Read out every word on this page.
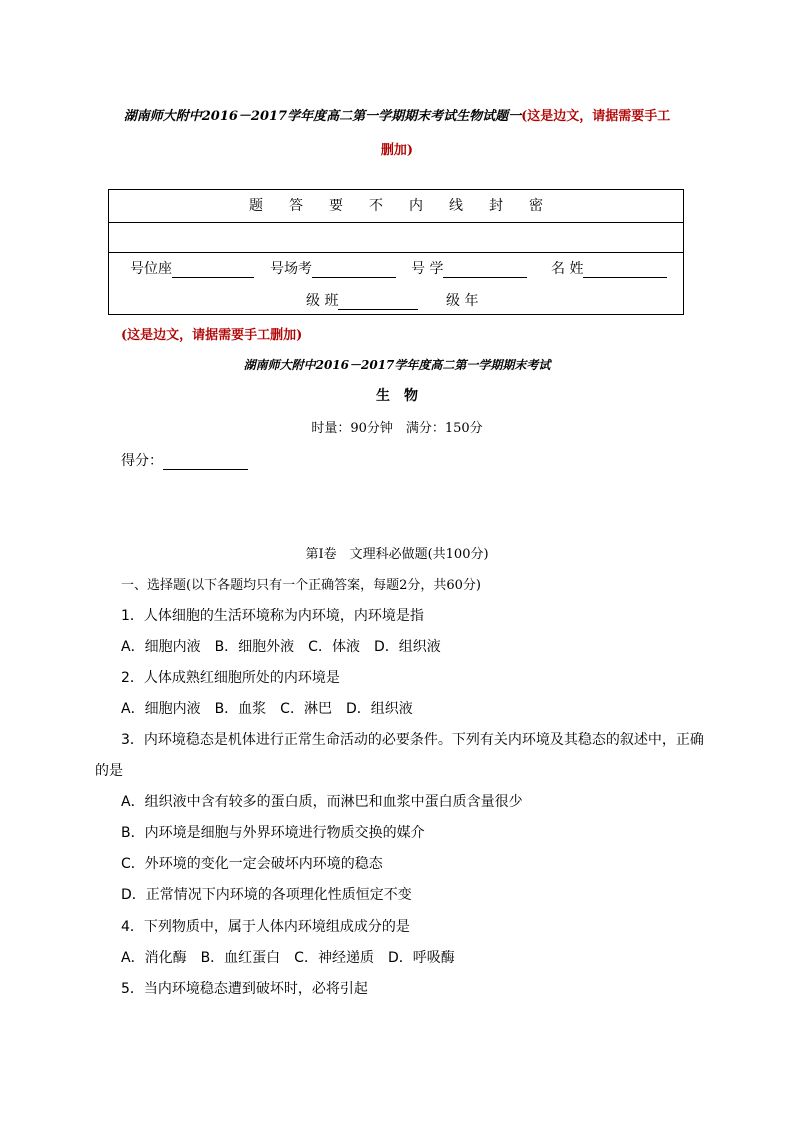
湖南师大附中2016－2017学年度高二第一学期期末考试生物试题一(这是边文，请据需要手工
删加)
题答要不内线封密
号位座	号场考	号 学	名 姓
级 班	级 年
(这是边文，请据需要手工删加)
湖南师大附中2016－2017学年度高二第一学期期末考试
生　物
时量：90分钟　满分：150分
得分：
第Ⅰ卷　文理科必做题(共100分)
一、选择题(以下各题均只有一个正确答案，每题2分，共60分)
1．人体细胞的生活环境称为内环境，内环境是指
A．细胞内液　B．细胞外液　C．体液　D．组织液
2．人体成熟红细胞所处的内环境是
A．细胞内液　B．血浆　C．淋巴　D．组织液
3．内环境稳态是机体进行正常生命活动的必要条件。下列有关内环境及其稳态的叙述中，正确
的是
A．组织液中含有较多的蛋白质，而淋巴和血浆中蛋白质含量很少
B．内环境是细胞与外界环境进行物质交换的媒介
C．外环境的变化一定会破坏内环境的稳态
D．正常情况下内环境的各项理化性质恒定不变
4．下列物质中，属于人体内环境组成成分的是
A．消化酶　B．血红蛋白　C．神经递质　D．呼吸酶
5．当内环境稳态遭到破坏时，必将引起
